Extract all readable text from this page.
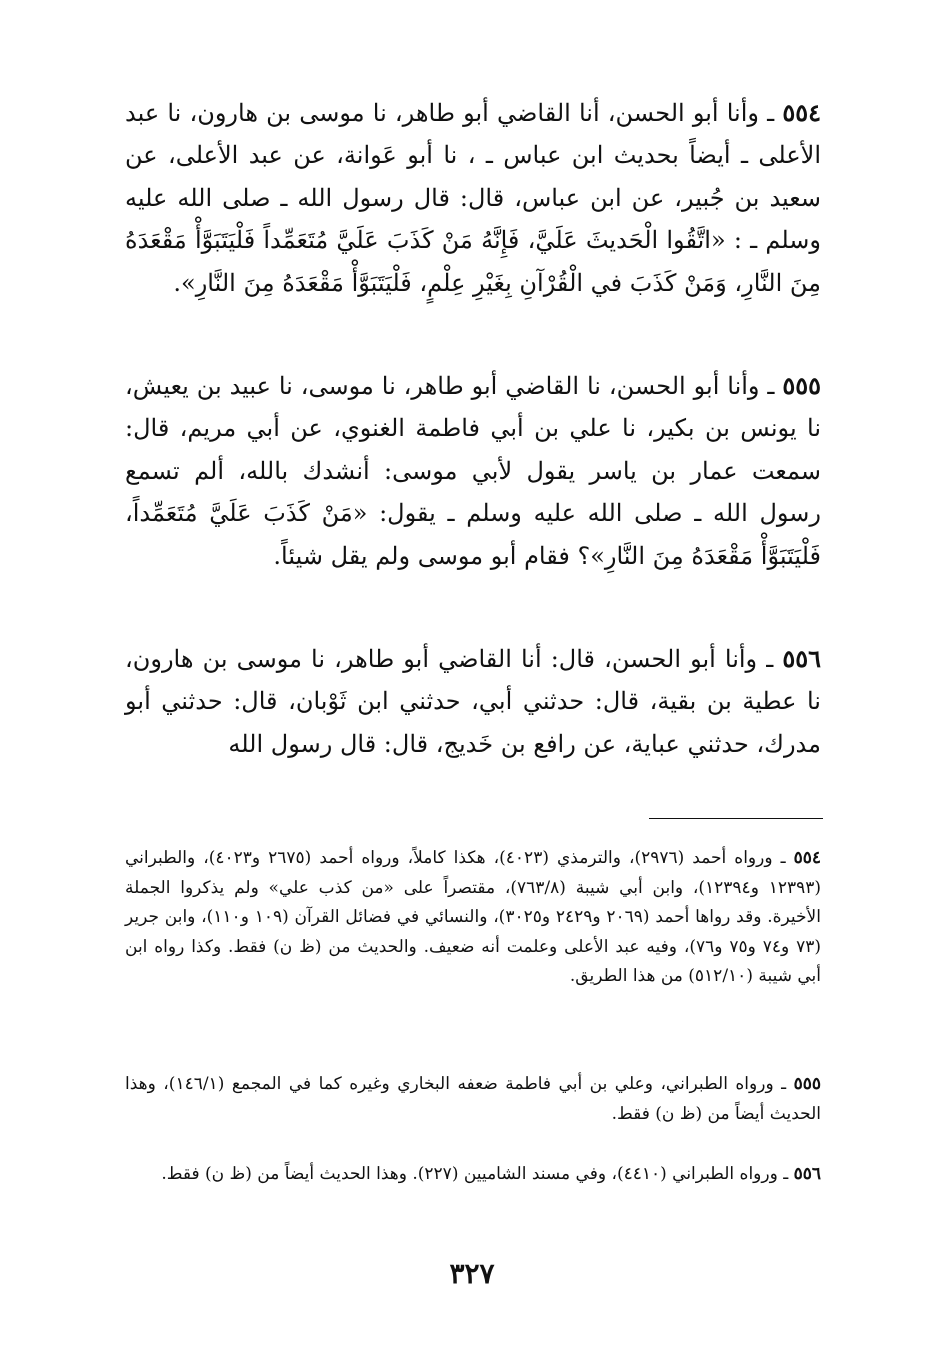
٥٥٤ ـ وأنا أبو الحسن، أنا القاضي أبو طاهر، نا موسى بن هارون، نا عبد الأعلى ـ أيضاً بحديث ابن عباس ـ ، نا أبو عَوانة، عن عبد الأعلى، عن سعيد بن جُبير، عن ابن عباس، قال: قال رسول الله ـ صلى الله عليه وسلم ـ : «اتَّقُوا الْحَديثَ عَلَيَّ، فَإِنَّهُ مَنْ كَذَبَ عَلَيَّ مُتَعَمِّداً فَلْيَتَبَوَّأْ مَقْعَدَهُ مِنَ النَّارِ، وَمَنْ كَذَبَ في الْقُرْآنِ بِغَيْرِ عِلْمٍ، فَلْيَتَبَوَّأْ مَقْعَدَهُ مِنَ النَّارِ».

٥٥٥ ـ وأنا أبو الحسن، نا القاضي أبو طاهر، نا موسى، نا عبيد بن يعيش، نا يونس بن بكير، نا علي بن أبي فاطمة الغنوي، عن أبي مريم، قال: سمعت عمار بن ياسر يقول لأبي موسى: أنشدك بالله، ألم تسمع رسول الله ـ صلى الله عليه وسلم ـ يقول: «مَنْ كَذَبَ عَلَيَّ مُتَعَمِّداً، فَلْيَتَبَوَّأْ مَقْعَدَهُ مِنَ النَّارِ»؟ فقام أبو موسى ولم يقل شيئاً.

٥٥٦ ـ وأنا أبو الحسن، قال: أنا القاضي أبو طاهر، نا موسى بن هارون، نا عطية بن بقية، قال: حدثني أبي، حدثني ابن ثَوْبان، قال: حدثني أبو مدرك، حدثني عباية، عن رافع بن خَديج، قال: قال رسول الله

٥٥٤ ـ ورواه أحمد (٢٩٧٦)، والترمذي (٤٠٢٣)، هكذا كاملاً، ورواه أحمد (٢٦٧٥ و٤٠٢٣)، والطبراني (١٢٣٩٣ و١٢٣٩٤)، وابن أبي شيبة (٧٦٣/٨)، مقتصراً على «من كذب علي» ولم يذكروا الجملة الأخيرة. وقد رواها أحمد (٢٠٦٩ و٢٤٢٩ و٣٠٢٥)، والنسائي في فضائل القرآن (١٠٩ و١١٠)، وابن جرير (٧٣ و٧٤ و٧٥ و٧٦)، وفيه عبد الأعلى وعلمت أنه ضعيف. والحديث من (ظ ن) فقط. وكذا رواه ابن أبي شيبة (٥١٢/١٠) من هذا الطريق.

٥٥٥ ـ ورواه الطبراني، وعلي بن أبي فاطمة ضعفه البخاري وغيره كما في المجمع (١٤٦/١)، وهذا الحديث أيضاً من (ظ ن) فقط.

٥٥٦ ـ ورواه الطبراني (٤٤١٠)، وفي مسند الشاميين (٢٢٧). وهذا الحديث أيضاً من (ظ ن) فقط.

٣٢٧
